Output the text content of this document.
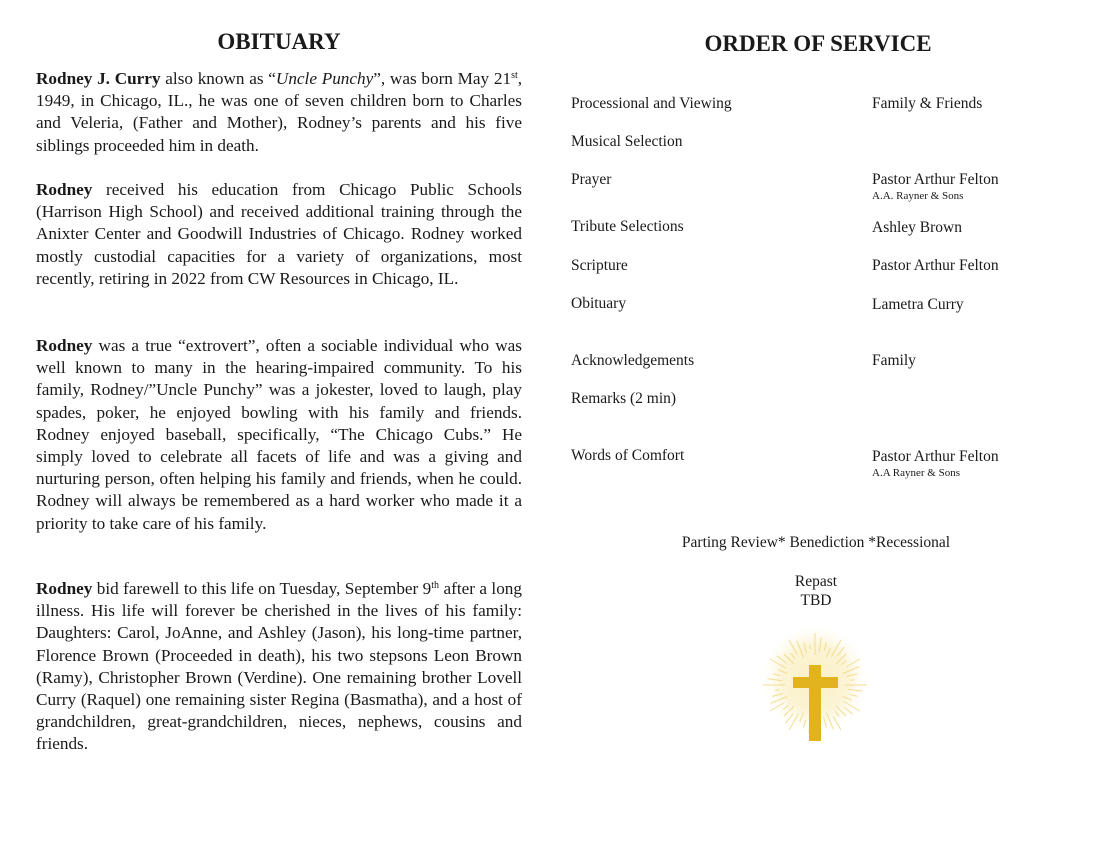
OBITUARY
Rodney J. Curry also known as “Uncle Punchy”, was born May 21st, 1949, in Chicago, IL., he was one of seven children born to Charles and Veleria, (Father and Mother), Rodney’s parents and his five siblings proceeded him in death.
Rodney received his education from Chicago Public Schools (Harrison High School) and received additional training through the Anixter Center and Goodwill Industries of Chicago. Rodney worked mostly custodial capacities for a variety of organizations, most recently, retiring in 2022 from CW Resources in Chicago, IL.
Rodney was a true “extrovert”, often a sociable individual who was well known to many in the hearing-impaired community. To his family, Rodney/”Uncle Punchy” was a jokester, loved to laugh, play spades, poker, he enjoyed bowling with his family and friends. Rodney enjoyed baseball, specifically, “The Chicago Cubs.” He simply loved to celebrate all facets of life and was a giving and nurturing person, often helping his family and friends, when he could. Rodney will always be remembered as a hard worker who made it a priority to take care of his family.
Rodney bid farewell to this life on Tuesday, September 9th after a long illness. His life will forever be cherished in the lives of his family: Daughters: Carol, JoAnne, and Ashley (Jason), his long-time partner, Florence Brown (Proceeded in death), his two stepsons Leon Brown (Ramy), Christopher Brown (Verdine). One remaining brother Lovell Curry (Raquel) one remaining sister Regina (Basmatha), and a host of grandchildren, great-grandchildren, nieces, nephews, cousins and friends.
ORDER OF SERVICE
Processional and Viewing	Family & Friends
Musical Selection
Prayer	Pastor Arthur Felton
A.A. Rayner & Sons
Tribute Selections	Ashley Brown
Scripture	Pastor Arthur Felton
Obituary	Lametra Curry
Acknowledgements	Family
Remarks (2 min)
Words of Comfort	Pastor Arthur Felton
A.A Rayner & Sons
Parting Review* Benediction *Recessional
Repast
TBD
